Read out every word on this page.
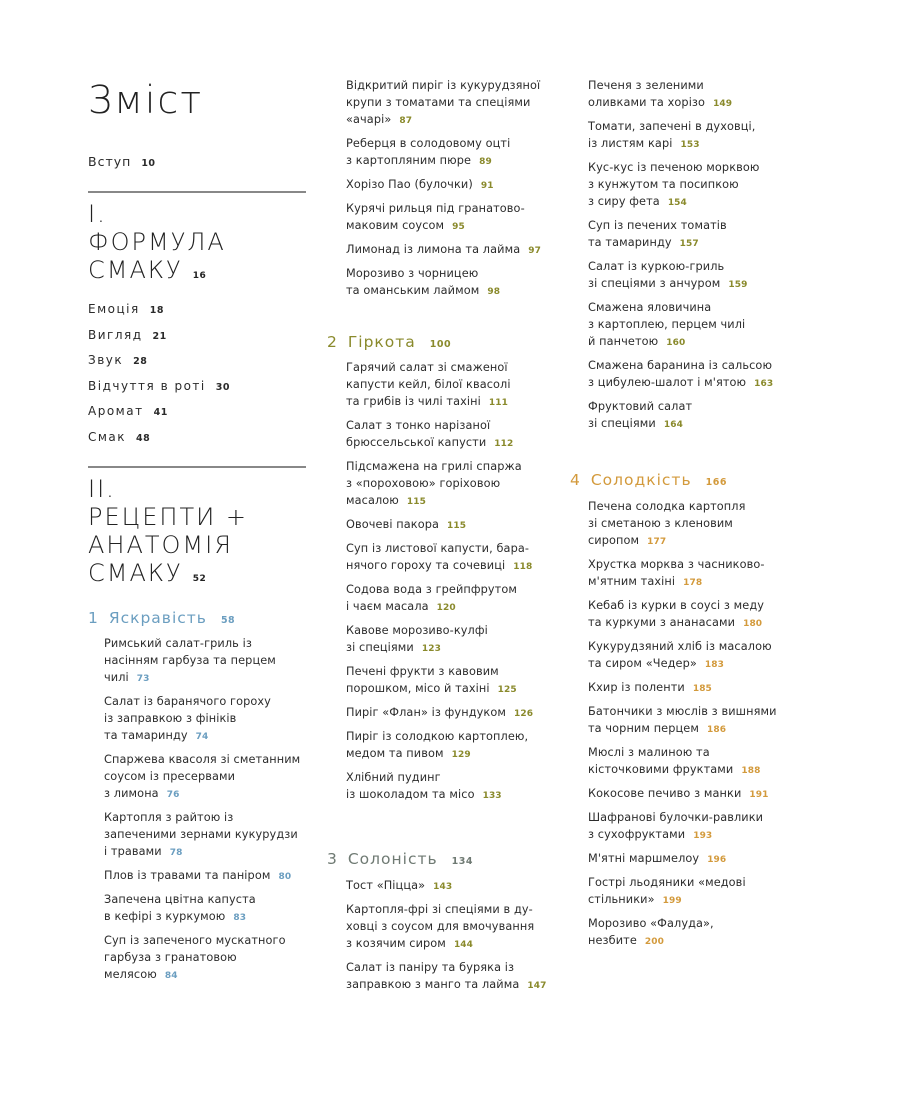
Зміст
Вступ 10
I.
ФОРМУЛА
СМАКУ 16
Емоція 18
Вигляд 21
Звук 28
Відчуття в роті 30
Аромат 41
Смак 48
II.
РЕЦЕПТИ +
АНАТОМІЯ
СМАКУ 52
1 Яскравість 58
Римський салат-гриль із
насінням гарбуза та перцем
чилі 73
Салат із баранячого гороху
із заправкою з фініків
та тамаринду 74
Спаржева квасоля зі сметанним
соусом із пресервами
з лимона 76
Картопля з райтою із
запеченими зернами кукурудзи
і травами 78
Плов із травами та паніром 80
Запечена цвітна капуста
в кефірі з куркумою 83
Суп із запеченого мускатного
гарбуза з гранатовою
мелясою 84
Відкритий пиріг із кукурудзяної
крупи з томатами та спеціями
«ачарі» 87
Реберця в солодовому оцті
з картопляним пюре 89
Хорізо Пао (булочки) 91
Курячі рильця під гранатово-
маковим соусом 95
Лимонад із лимона та лайма 97
Морозиво з чорницею
та оманським лаймом 98
2 Гіркота 100
Гарячий салат зі смаженої
капусти кейл, білої квасолі
та грибів із чилі тахіні 111
Салат з тонко нарізаної
брюссельської капусти 112
Підсмажена на грилі спаржа
з «пороховою» горіховою
масалою 115
Овочеві пакора 115
Суп із листової капусти, бара-
нячого гороху та сочевиці 118
Содова вода з грейпфрутом
і чаєм масала 120
Кавове морозиво-кулфі
зі спеціями 123
Печені фрукти з кавовим
порошком, місо й тахіні 125
Пиріг «Флан» із фундуком 126
Пиріг із солодкою картоплею,
медом та пивом 129
Хлібний пудинг
із шоколадом та місо 133
3 Солоність 134
Тост «Піцца» 143
Картопля-фрі зі спеціями в ду-
ховці з соусом для вмочування
з козячим сиром 144
Салат із паніру та буряка із
заправкою з манго та лайма 147
Печеня з зеленими
оливками та хорізо 149
Томати, запечені в духовці,
із листям карі 153
Кус-кус із печеною морквою
з кунжутом та посипкою
з сиру фета 154
Суп із печених томатів
та тамаринду 157
Салат із куркою-гриль
зі спеціями з анчуром 159
Смажена яловичина
з картоплею, перцем чилі
й панчетою 160
Смажена баранина із сальсою
з цибулею-шалот і м'ятою 163
Фруктовий салат
зі спеціями 164
4 Солодкість 166
Печена солодка картопля
зі сметаною з кленовим
сиропом 177
Хрустка морква з часниково-
м'ятним тахіні 178
Кебаб із курки в соусі з меду
та куркуми з ананасами 180
Кукурудзяний хліб із масалою
та сиром «Чедер» 183
Кхир із поленти 185
Батончики з мюслів з вишнями
та чорним перцем 186
Мюслі з малиною та
кісточковими фруктами 188
Кокосове печиво з манки 191
Шафранові булочки-равлики
з сухофруктами 193
М'ятні маршмелоу 196
Гострі льодяники «медові
стільники» 199
Морозиво «Фалуда»,
незбите 200
